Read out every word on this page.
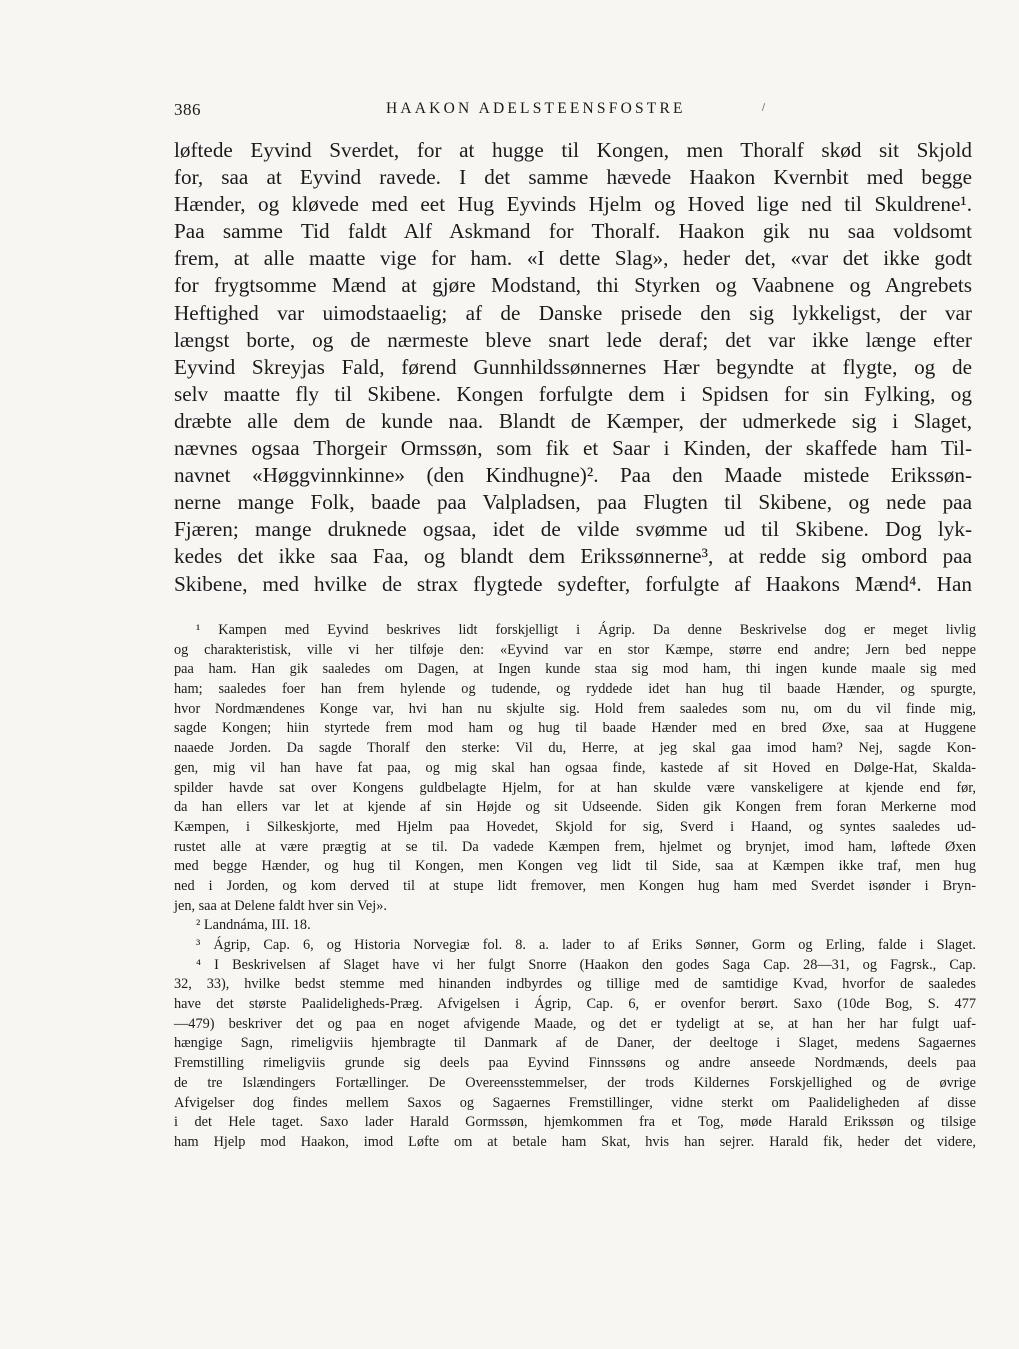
386	HAAKON ADELSTEENSFOSTRE
løftede Eyvind Sverdet, for at hugge til Kongen, men Thoralf skød sit Skjold
for, saa at Eyvind ravede. I det samme hævede Haakon Kvernbit med begge
Hænder, og kløvede med eet Hug Eyvinds Hjelm og Hoved lige ned til Skuldrene¹.
Paa samme Tid faldt Alf Askmand for Thoralf. Haakon gik nu saa voldsomt
frem, at alle maatte vige for ham. «I dette Slag», heder det, «var det ikke godt
for frygtsomme Mænd at gjøre Modstand, thi Styrken og Vaabnene og Angrebets
Heftighed var uimodstaaelig; af de Danske prisede den sig lykkeligst, der var
længst borte, og de nærmeste bleve snart lede deraf; det var ikke længe efter
Eyvind Skreyjas Fald, førend Gunnhildssønnernes Hær begyndte at flygte, og de
selv maatte fly til Skibene. Kongen forfulgte dem i Spidsen for sin Fylking, og
dræbte alle dem de kunde naa. Blandt de Kæmper, der udmerkede sig i Slaget,
nævnes ogsaa Thorgeir Ormssøn, som fik et Saar i Kinden, der skaffede ham Til-
navnet «Høggvinnkinne» (den Kindhugne)². Paa den Maade mistede Erikssøn-
nerne mange Folk, baade paa Valpladsen, paa Flugten til Skibene, og nede paa
Fjæren; mange druknede ogsaa, idet de vilde svømme ud til Skibene. Dog lyk-
kedes det ikke saa Faa, og blandt dem Erikssønnerne³, at redde sig ombord paa
Skibene, med hvilke de strax flygtede sydefter, forfulgte af Haakons Mænd⁴. Han
¹ Kampen med Eyvind beskrives lidt forskjelligt i Ágrip. Da denne Beskrivelse dog er meget livlig
og charakteristisk, ville vi her tilføje den: «Eyvind var en stor Kæmpe, større end andre; Jern bed neppe
paa ham. Han gik saaledes om Dagen, at Ingen kunde staa sig mod ham, thi ingen kunde maale sig med
ham; saaledes foer han frem hylende og tudende, og ryddede idet han hug til baade Hænder, og spurgte,
hvor Nordmændenes Konge var, hvi han nu skjulte sig. Hold frem saaledes som nu, om du vil finde mig,
sagde Kongen; hiin styrtede frem mod ham og hug til baade Hænder med en bred Øxe, saa at Huggene
naaede Jorden. Da sagde Thoralf den sterke: Vil du, Herre, at jeg skal gaa imod ham? Nej, sagde Kon-
gen, mig vil han have fat paa, og mig skal han ogsaa finde, kastede af sit Hoved en Dølge-Hat, Skalda-
spilder havde sat over Kongens guldbelagte Hjelm, for at han skulde være vanskeligere at kjende end før,
da han ellers var let at kjende af sin Højde og sit Udseende. Siden gik Kongen frem foran Merkerne mod
Kæmpen, i Silkeskjorte, med Hjelm paa Hovedet, Skjold for sig, Sverd i Haand, og syntes saaledes ud-
rustet alle at være prægtig at se til. Da vadede Kæmpen frem, hjelmet og brynjet, imod ham, løftede Øxen
med begge Hænder, og hug til Kongen, men Kongen veg lidt til Side, saa at Kæmpen ikke traf, men hug
ned i Jorden, og kom derved til at stupe lidt fremover, men Kongen hug ham med Sverdet isønder i Bryn-
jen, saa at Delene faldt hver sin Vej».
² Landnáma, III. 18.
³ Ágrip, Cap. 6, og Historia Norvegiæ fol. 8. a. lader to af Eriks Sønner, Gorm og Erling, falde i Slaget.
⁴ I Beskrivelsen af Slaget have vi her fulgt Snorre (Haakon den godes Saga Cap. 28—31, og Fagrsk., Cap.
32, 33), hvilke bedst stemme med hinanden indbyrdes og tillige med de samtidige Kvad, hvorfor de saaledes
have det største Paalideligheds-Præg. Afvigelsen i Ágrip, Cap. 6, er ovenfor berørt. Saxo (10de Bog, S. 477
—479) beskriver det og paa en noget afvigende Maade, og det er tydeligt at se, at han her har fulgt uaf-
hængige Sagn, rimeligviis hjembragte til Danmark af de Daner, der deeltoge i Slaget, medens Sagaernes
Fremstilling rimeligviis grunde sig deels paa Eyvind Finnssøns og andre anseede Nordmænds, deels paa
de tre Islændingers Fortællinger. De Overeensstemmelser, der trods Kildernes Forskjellighed og de øvrige
Afvigelser dog findes mellem Saxos og Sagaernes Fremstillinger, vidne sterkt om Paalideligheden af disse
i det Hele taget. Saxo lader Harald Gormssøn, hjemkommen fra et Tog, møde Harald Erikssøn og tilsige
ham Hjelp mod Haakon, imod Løfte om at betale ham Skat, hvis han sejrer. Harald fik, heder det videre,
